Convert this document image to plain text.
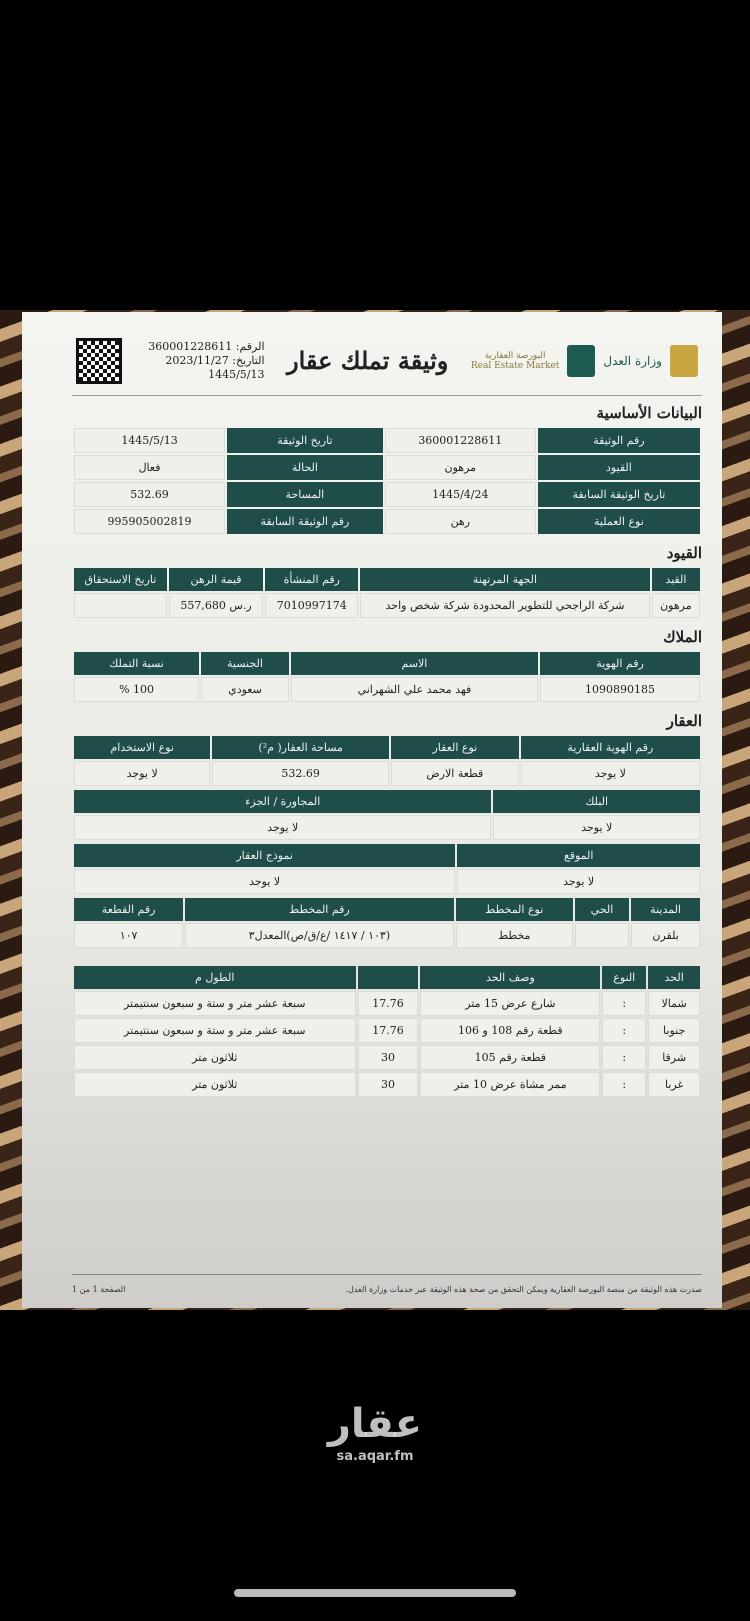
الرقم: 360001228611
التاريخ: 2023/11/27
1445/5/13 وثيقة تملك عقار	البورصة العقارية
Real Estate Market	وزارة العدل
البيانات الأساسية
رقم الوثيقة	360001228611	تاريخ الوثيقة	1445/5/13
القيود	مرهون	الحالة	فعال
تاريخ الوثيقة السابقة	1445/4/24	المساحة	532.69
نوع العملية	رهن	رقم الوثيقة السابقة	995905002819
القيود
القيد	الجهة المرتهنة	رقم المنشأة	قيمة الرهن	تاريخ الاستحقاق
مرهون	شركة الراجحي للتطوير المحدودة شركة شخص واحد	7010997174	ر.س 557,680	
الملاك
رقم الهوية	الاسم	الجنسية	نسبة التملك
1090890185	فهد محمد علي الشهراني	سعودي	100 %
العقار
رقم الهوية العقارية	نوع العقار	مساحة العقار( م²)	نوع الاستخدام
لا يوجد	قطعة الارض	532.69	لا يوجد
البلك	المجاورة / الجزء
لا يوجد	لا يوجد
الموقع	نموذج العقار
لا يوجد	لا يوجد
المدينة	الحي	نوع المخطط	رقم المخطط	رقم القطعة
بلقرن		مخطط	(١٠٣ / ١٤١٧ /ع/ق/ص)المعدل٣	١٠٧
الحد	النوع	وصف الحد		الطول م
شمالا	:	شارع عرض 15 متر	17.76	سبعة عشر متر و ستة و سبعون سنتيمتر
جنوبا	:	قطعة رقم 108 و 106	17.76	سبعة عشر متر و ستة و سبعون سنتيمتر
شرقا	:	قطعة رقم 105	30	ثلاثون متر
غربا	:	ممر مشاة عرض 10 متر	30	ثلاثون متر
صدرت هذه الوثيقة من منصة البورصة العقارية ويمكن التحقق من صحة هذه الوثيقة عبر خدمات وزارة العدل.
الصفحة 1 من 1
عقار
sa.aqar.fm
